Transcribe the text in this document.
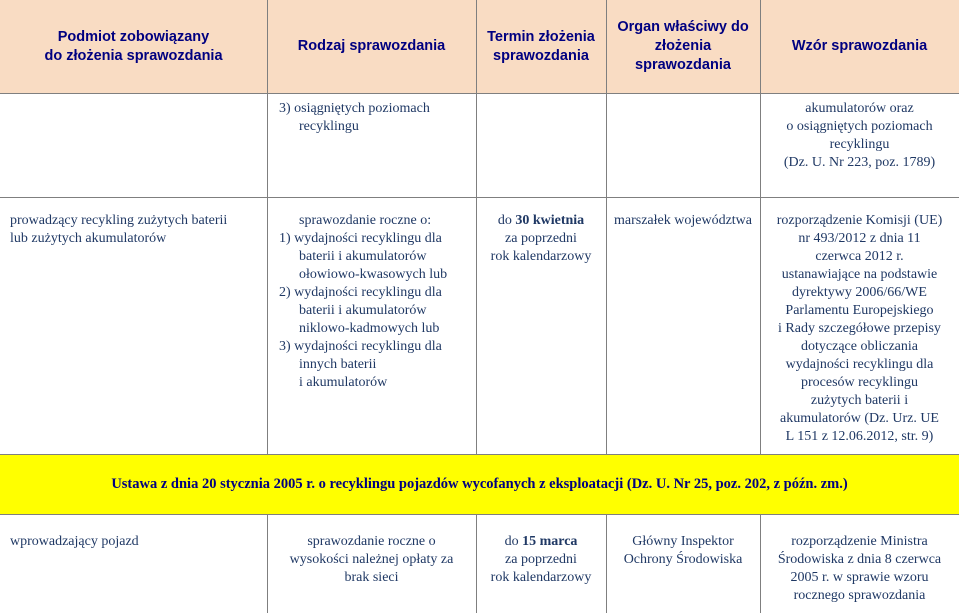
Podmiot zobowiązany
do złożenia sprawozdania
Rodzaj sprawozdania
Termin złożenia
sprawozdania
Organ właściwy do
złożenia sprawozdania
Wzór sprawozdania
3) osiągniętych poziomach
recyklingu
akumulatorów oraz
o osiągniętych poziomach
recyklingu
(Dz. U. Nr 223, poz. 1789)
prowadzący recykling zużytych baterii
lub zużytych akumulatorów
sprawozdanie roczne o:
1) wydajności recyklingu dla
baterii i akumulatorów
ołowiowo-kwasowych lub
2) wydajności recyklingu dla
baterii i akumulatorów
niklowo-kadmowych lub
3) wydajności recyklingu dla
innych baterii
i akumulatorów
do 30 kwietnia
za poprzedni
rok kalendarzowy
marszałek województwa	rozporządzenie Komisji (UE)
nr 493/2012 z dnia 11
czerwca 2012 r.
ustanawiające na podstawie
dyrektywy 2006/66/WE
Parlamentu Europejskiego
i Rady szczegółowe przepisy
dotyczące obliczania
wydajności recyklingu dla
procesów recyklingu
zużytych baterii i
akumulatorów (Dz. Urz. UE
L 151 z 12.06.2012, str. 9)
Ustawa z dnia 20 stycznia 2005 r. o recyklingu pojazdów wycofanych z eksploatacji (Dz. U. Nr 25, poz. 202, z późn. zm.)
wprowadzający pojazd	sprawozdanie roczne o
wysokości należnej opłaty za
brak sieci
do 15 marca
za poprzedni
rok kalendarzowy
Główny Inspektor
Ochrony Środowiska
rozporządzenie Ministra
Środowiska z dnia 8 czerwca
2005 r. w sprawie wzoru
rocznego sprawozdania
